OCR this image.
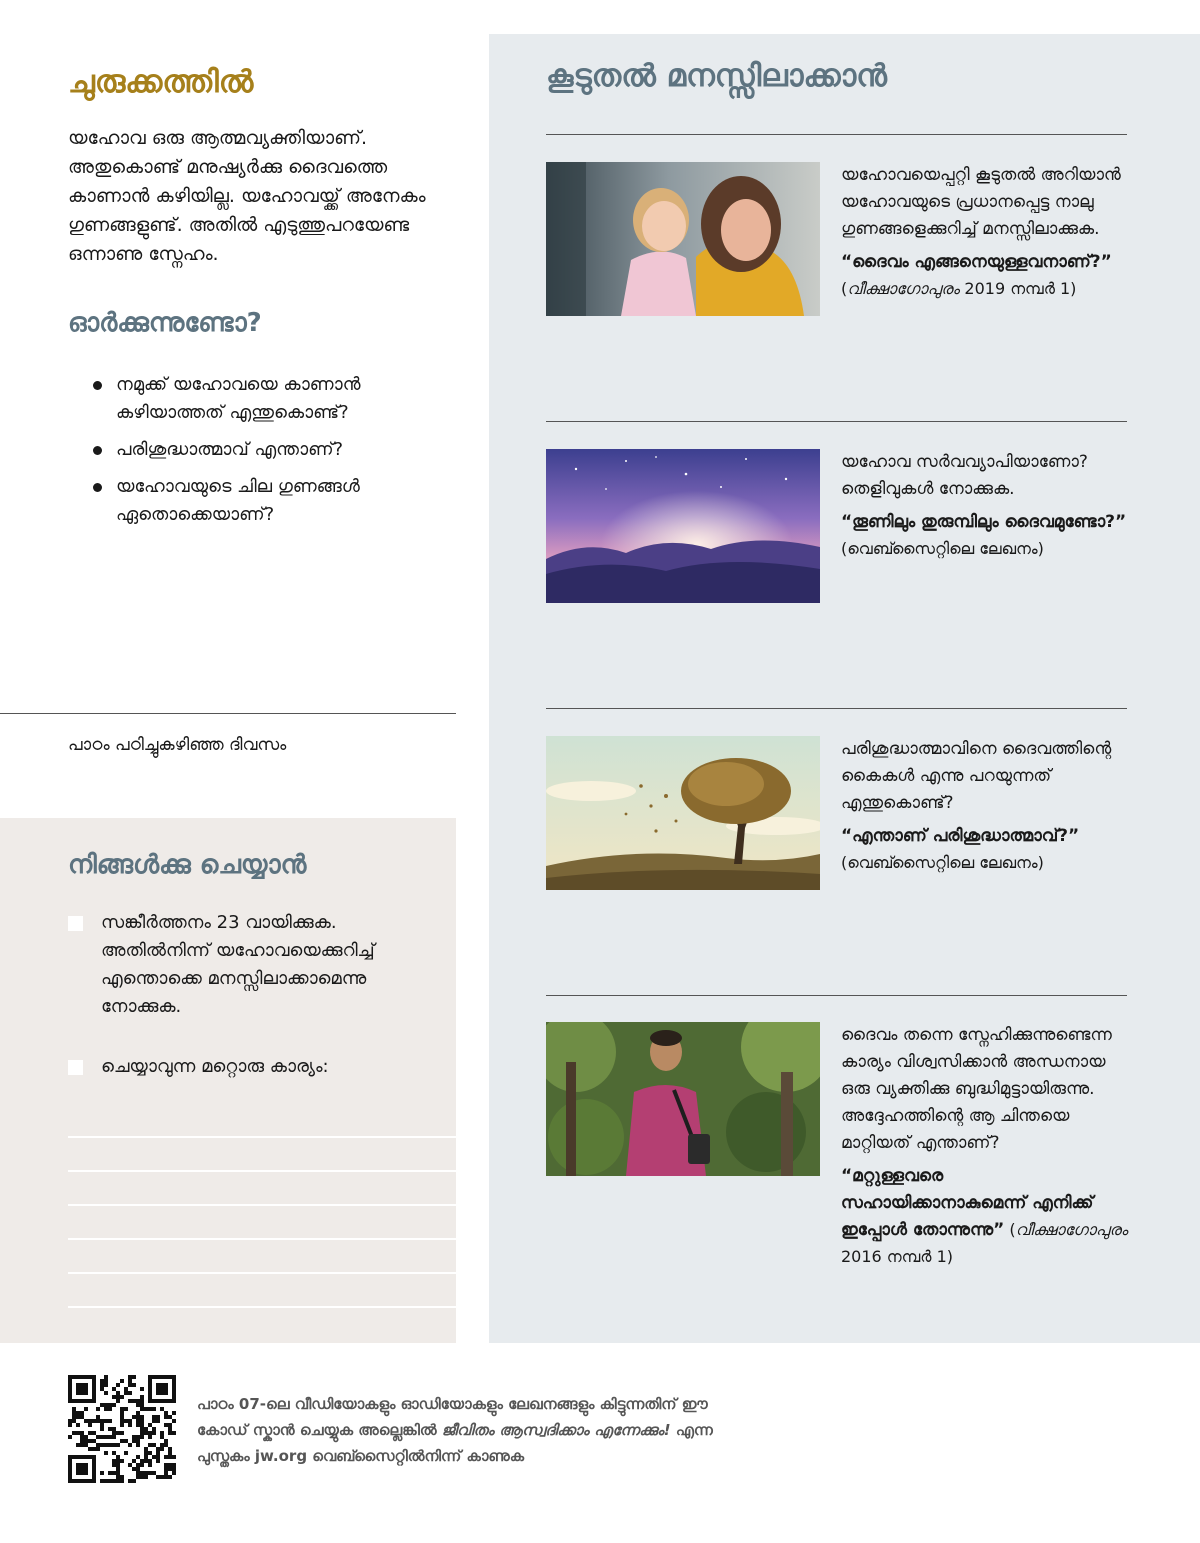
ചുരുക്കത്തിൽ

യഹോവ ഒരു ആത്മവ്യക്തിയാണ്. അതുകൊണ്ട് മനുഷ്യർക്കു ദൈവത്തെ കാണാൻ കഴിയില്ല. യഹോവയ്ക്ക് അനേകം ഗുണങ്ങളുണ്ട്. അതിൽ എടുത്തുപറയേണ്ട ഒന്നാണു സ്നേഹം.

ഓർക്കുന്നുണ്ടോ?
നമുക്ക് യഹോവയെ കാണാൻ കഴിയാത്തത് എന്തുകൊണ്ട്?
പരിശുദ്ധാത്മാവ് എന്താണ്?
യഹോവയുടെ ചില ഗുണങ്ങൾ ഏതൊക്കെയാണ്?
പാഠം പഠിച്ചുകഴിഞ്ഞ ദിവസം
നിങ്ങൾക്കു ചെയ്യാൻ

സങ്കീർത്തനം 23 വായിക്കുക. അതിൽനിന്ന് യഹോവയെക്കുറിച്ച് എന്തൊക്കെ മനസ്സിലാക്കാമെന്നു നോക്കുക.

ചെയ്യാവുന്ന മറ്റൊരു കാര്യം:

കൂടുതൽ മനസ്സിലാക്കാൻ

യഹോവയെപ്പറ്റി കൂടുതൽ അറിയാൻ യഹോവയുടെ പ്രധാനപ്പെട്ട നാലു ഗുണങ്ങളെക്കുറിച്ച് മനസ്സിലാക്കുക.

“ദൈവം എങ്ങനെയുള്ളവനാണ്?”

(വീക്ഷാഗോപുരം 2019 നമ്പർ 1)

യഹോവ സർവവ്യാപിയാണോ? തെളിവുകൾ നോക്കുക.

“തൂണിലും തുരുമ്പിലും ദൈവമുണ്ടോ?”

(വെബ്സൈറ്റിലെ ലേഖനം)

പരിശുദ്ധാത്മാവിനെ ദൈവത്തിന്റെ കൈകൾ എന്നു പറയുന്നത് എന്തുകൊണ്ട്?

“എന്താണ് പരിശുദ്ധാത്മാവ്?”

(വെബ്സൈറ്റിലെ ലേഖനം)

ദൈവം തന്നെ സ്നേഹിക്കുന്നുണ്ടെന്ന കാര്യം വിശ്വസിക്കാൻ അന്ധനായ ഒരു വ്യക്തിക്കു ബുദ്ധിമുട്ടായിരുന്നു. അദ്ദേഹത്തിന്റെ ആ ചിന്തയെ മാറ്റിയത് എന്താണ്?

“മറ്റുള്ളവരെ സഹായിക്കാനാകുമെന്ന് എനിക്ക് ഇപ്പോൾ തോന്നുന്നു” (വീക്ഷാഗോപുരം 2016 നമ്പർ 1)

പാഠം 07-ലെ വീഡിയോകളും ഓഡിയോകളും ലേഖനങ്ങളും കിട്ടുന്നതിന് ഈ കോഡ് സ്കാൻ ചെയ്യുക അല്ലെങ്കിൽ ജീവിതം ആസ്വദിക്കാം എന്നേക്കും! എന്ന പുസ്തകം jw.org വെബ്സൈറ്റിൽനിന്ന് കാണുക
